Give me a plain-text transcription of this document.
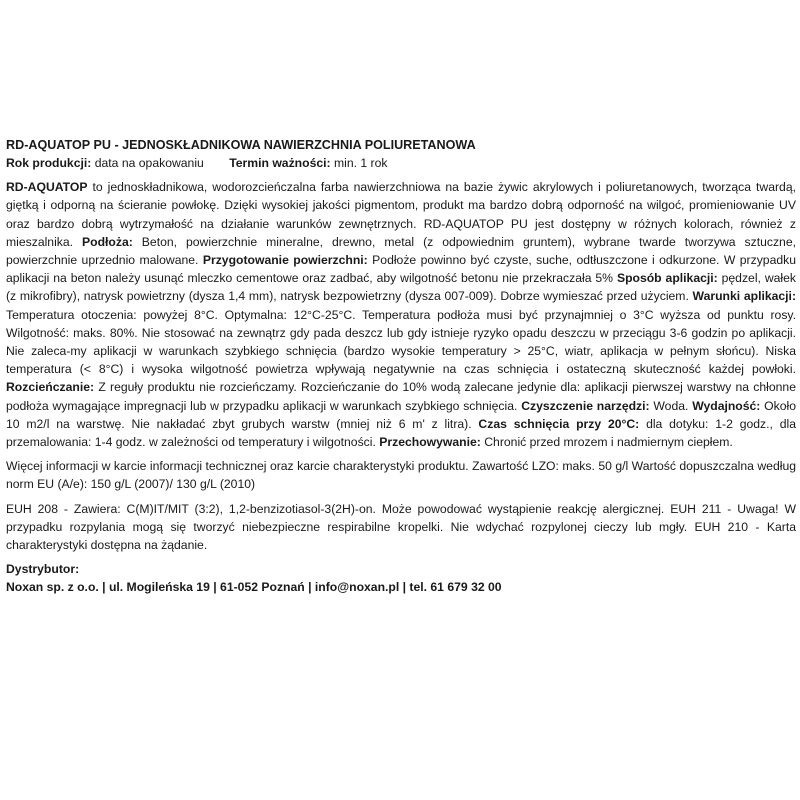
RD-AQUATOP PU - JEDNOSKŁADNIKOWA NAWIERZCHNIA POLIURETANOWA

Rok produkcji: data na opakowaniu Termin ważności: min. 1 rok

RD-AQUATOP to jednoskładnikowa, wodorozcieńczalna farba nawierzchniowa na bazie żywic akrylowych i poliuretanowych, tworząca twardą, giętką i odporną na ścieranie powłokę. Dzięki wysokiej jakości pigmentom, produkt ma bardzo dobrą odporność na wilgoć, promieniowanie UV oraz bardzo dobrą wytrzymałość na działanie warunków zewnętrznych. RD-AQUATOP PU jest dostępny w różnych kolorach, również z mieszalnika. Podłoża: Beton, powierzchnie mineralne, drewno, metal (z odpowiednim gruntem), wybrane twarde tworzywa sztuczne, powierzchnie uprzednio malowane. Przygotowanie powierzchni: Podłoże powinno być czyste, suche, odtłuszczone i odkurzone. W przypadku aplikacji na beton należy usunąć mleczko cementowe oraz zadbać, aby wilgotność betonu nie przekraczała 5% Sposób aplikacji: pędzel, wałek (z mikrofibry), natrysk powietrzny (dysza 1,4 mm), natrysk bezpowietrzny (dysza 007-009). Dobrze wymieszać przed użyciem. Warunki aplikacji: Temperatura otoczenia: powyżej 8°C. Optymalna: 12°C-25°C. Temperatura podłoża musi być przynajmniej o 3°C wyższa od punktu rosy. Wilgotność: maks. 80%. Nie stosować na zewnątrz gdy pada deszcz lub gdy istnieje ryzyko opadu deszczu w przeciągu 3-6 godzin po aplikacji. Nie zaleca-my aplikacji w warunkach szybkiego schnięcia (bardzo wysokie temperatury > 25°C, wiatr, aplikacja w pełnym słońcu). Niska temperatura (< 8°C) i wysoka wilgotność powietrza wpływają negatywnie na czas schnięcia i ostateczną skuteczność każdej powłoki. Rozcieńczanie: Z reguły produktu nie rozcieńczamy. Rozcieńczanie do 10% wodą zalecane jedynie dla: aplikacji pierwszej warstwy na chłonne podłoża wymagające impregnacji lub w przypadku aplikacji w warunkach szybkiego schnięcia. Czyszczenie narzędzi: Woda. Wydajność: Około 10 m2/l na warstwę. Nie nakładać zbyt grubych warstw (mniej niż 6 m' z litra). Czas schnięcia przy 20°C: dla dotyku: 1-2 godz., dla przemalowania: 1-4 godz. w zależności od temperatury i wilgotności. Przechowywanie: Chronić przed mrozem i nadmiernym ciepłem.

Więcej informacji w karcie informacji technicznej oraz karcie charakterystyki produktu. Zawartość LZO: maks. 50 g/l Wartość dopuszczalna według norm EU (A/e): 150 g/L (2007)/ 130 g/L (2010)

EUH 208 - Zawiera: C(M)IT/MIT (3:2), 1,2-benzizotiasol-3(2H)-on. Może powodować wystąpienie reakcję alergicznej. EUH 211 - Uwaga! W przypadku rozpylania mogą się tworzyć niebezpieczne respirabilne kropelki. Nie wdychać rozpylonej cieczy lub mgły. EUH 210 - Karta charakterystyki dostępna na żądanie.

Dystrybutor:

Noxan sp. z o.o. | ul. Mogileńska 19 | 61-052 Poznań | info@noxan.pl | tel. 61 679 32 00
